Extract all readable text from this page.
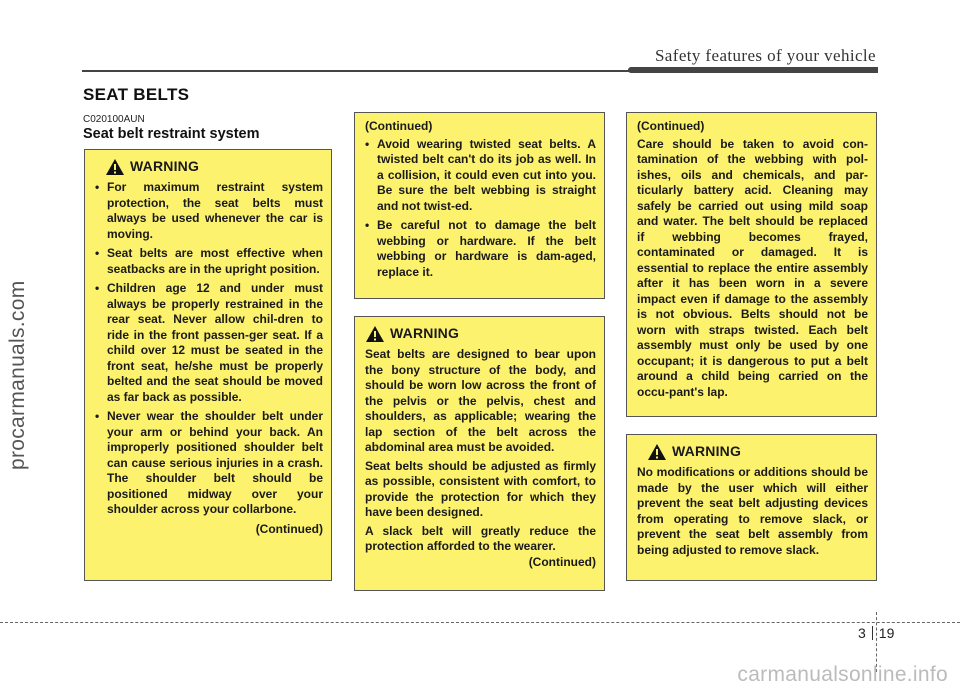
Safety features of your vehicle
procarmanuals.com
SEAT BELTS
C020100AUN
Seat belt restraint system
WARNING
• For maximum restraint system protection, the seat belts must always be used whenever the car is moving.
• Seat belts are most effective when seatbacks are in the upright position.
• Children age 12 and under must always be properly restrained in the rear seat. Never allow chil-dren to ride in the front passen-ger seat. If a child over 12 must be seated in the front seat, he/she must be properly belted and the seat should be moved as far back as possible.
• Never wear the shoulder belt under your arm or behind your back. An improperly positioned shoulder belt can cause serious injuries in a crash. The shoulder belt should be positioned midway over your shoulder across your collarbone.
(Continued)
(Continued)
• Avoid wearing twisted seat belts. A twisted belt can't do its job as well. In a collision, it could even cut into you. Be sure the belt webbing is straight and not twist-ed.
• Be careful not to damage the belt webbing or hardware. If the belt webbing or hardware is dam-aged, replace it.
WARNING
Seat belts are designed to bear upon the bony structure of the body, and should be worn low across the front of the pelvis or the pelvis, chest and shoulders, as applicable; wearing the lap section of the belt across the abdominal area must be avoided.
Seat belts should be adjusted as firmly as possible, consistent with comfort, to provide the protection for which they have been designed.
A slack belt will greatly reduce the protection afforded to the wearer.
(Continued)
(Continued)
Care should be taken to avoid con-tamination of the webbing with pol-ishes, oils and chemicals, and par-ticularly battery acid. Cleaning may safely be carried out using mild soap and water. The belt should be replaced if webbing becomes frayed, contaminated or damaged. It is essential to replace the entire assembly after it has been worn in a severe impact even if damage to the assembly is not obvious. Belts should not be worn with straps twisted. Each belt assembly must only be used by one occupant; it is dangerous to put a belt around a child being carried on the occu-pant's lap.
WARNING
No modifications or additions should be made by the user which will either prevent the seat belt adjusting devices from operating to remove slack, or prevent the seat belt assembly from being adjusted to remove slack.
3 19
carmanualsonline.info
